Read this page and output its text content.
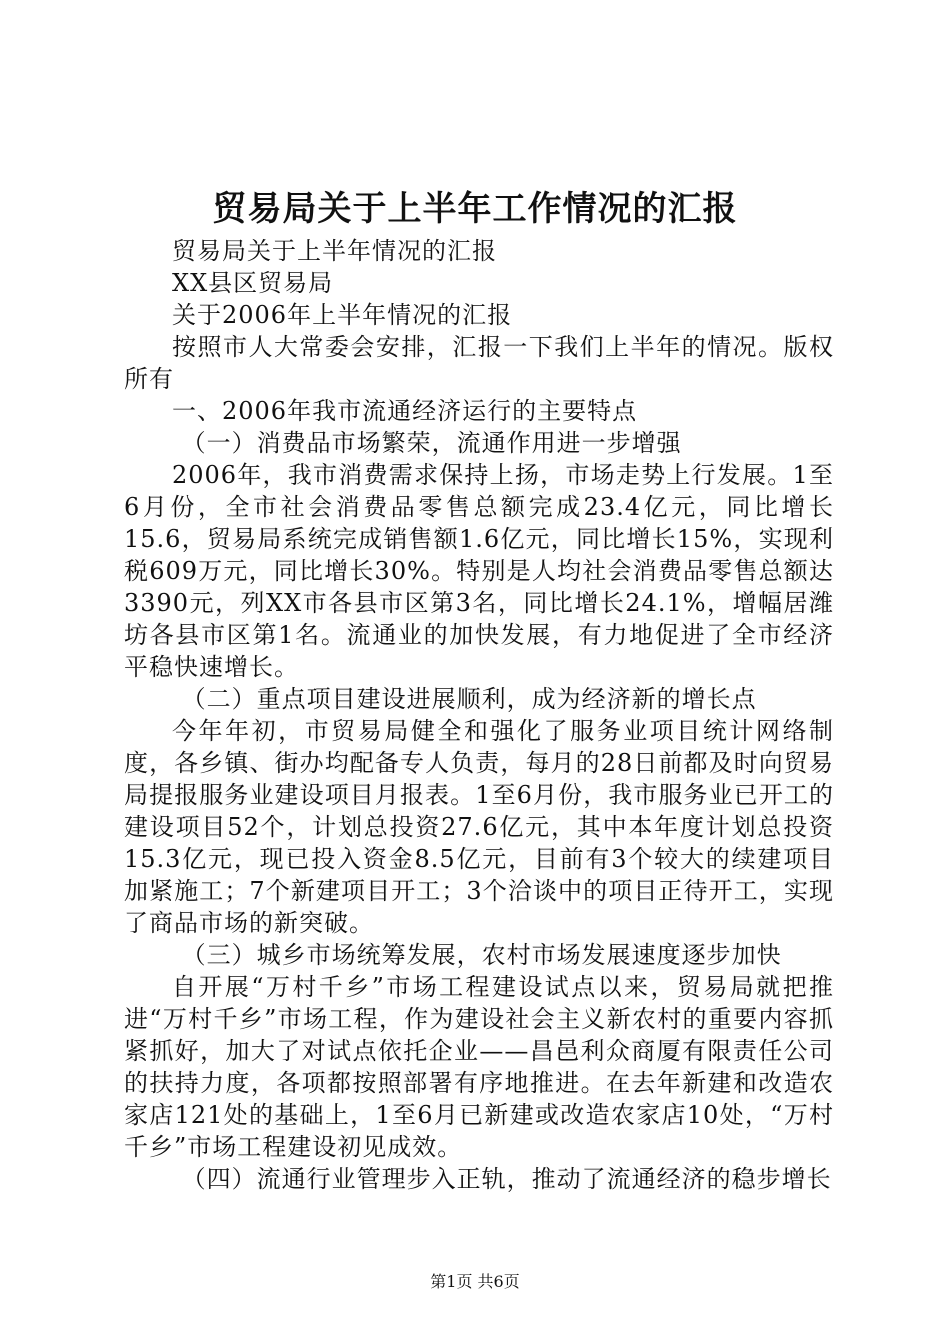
贸易局关于上半年工作情况的汇报

贸易局关于上半年情况的汇报

XX县区贸易局

关于2006年上半年情况的汇报

按照市人大常委会安排，汇报一下我们上半年的情况。版权所有

一、2006年我市流通经济运行的主要特点

（一）消费品市场繁荣，流通作用进一步增强

2006年，我市消费需求保持上扬，市场走势上行发展。1至6月份，全市社会消费品零售总额完成23.4亿元，同比增长15.6，贸易局系统完成销售额1.6亿元，同比增长15%，实现利税609万元，同比增长30%。特别是人均社会消费品零售总额达3390元，列XX市各县市区第3名，同比增长24.1%，增幅居潍坊各县市区第1名。流通业的加快发展，有力地促进了全市经济平稳快速增长。

（二）重点项目建设进展顺利，成为经济新的增长点

今年年初，市贸易局健全和强化了服务业项目统计网络制度，各乡镇、街办均配备专人负责，每月的28日前都及时向贸易局提报服务业建设项目月报表。1至6月份，我市服务业已开工的建设项目52个，计划总投资27.6亿元，其中本年度计划总投资15.3亿元，现已投入资金8.5亿元，目前有3个较大的续建项目加紧施工；7个新建项目开工；3个洽谈中的项目正待开工，实现了商品市场的新突破。

（三）城乡市场统筹发展，农村市场发展速度逐步加快

自开展“万村千乡”市场工程建设试点以来，贸易局就把推进“万村千乡”市场工程，作为建设社会主义新农村的重要内容抓紧抓好，加大了对试点依托企业——昌邑利众商厦有限责任公司的扶持力度，各项都按照部署有序地推进。在去年新建和改造农家店121处的基础上，1至6月已新建或改造农家店10处，“万村千乡”市场工程建设初见成效。

（四）流通行业管理步入正轨，推动了流通经济的稳步增长

第1页 共6页
